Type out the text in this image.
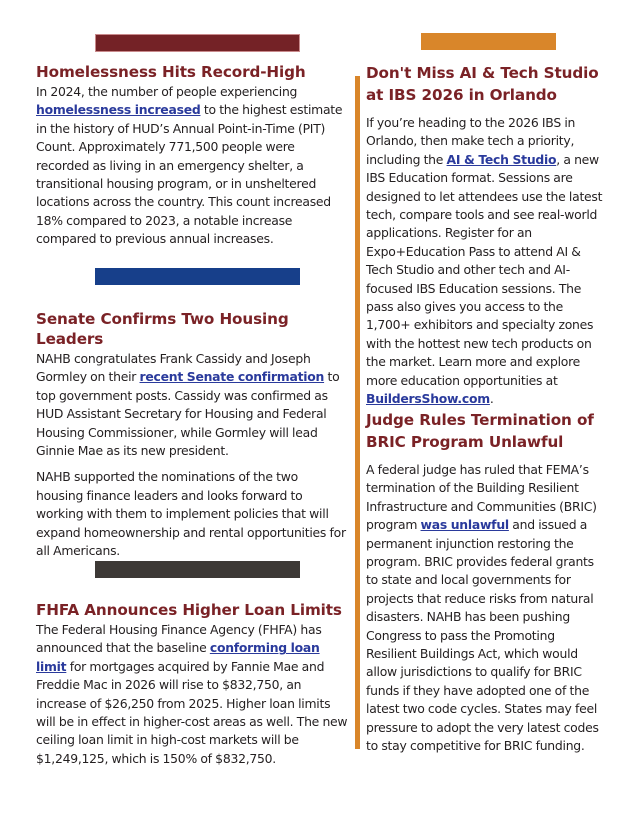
Homelessness Hits Record-High

In 2024, the number of people experiencing homelessness increased to the highest estimate in the history of HUD’s Annual Point-in-Time (PIT) Count. Approximately 771,500 people were recorded as living in an emergency shelter, a transitional housing program, or in unsheltered locations across the country. This count increased 18% compared to 2023, a notable increase compared to previous annual increases.

Senate Confirms Two Housing Leaders

NAHB congratulates Frank Cassidy and Joseph Gormley on their recent Senate confirmation to top government posts. Cassidy was confirmed as HUD Assistant Secretary for Housing and Federal Housing Commissioner, while Gormley will lead Ginnie Mae as its new president.

NAHB supported the nominations of the two housing finance leaders and looks forward to working with them to implement policies that will expand homeownership and rental opportunities for all Americans.

FHFA Announces Higher Loan Limits

The Federal Housing Finance Agency (FHFA) has announced that the baseline conforming loan limit for mortgages acquired by Fannie Mae and Freddie Mac in 2026 will rise to $832,750, an increase of $26,250 from 2025. Higher loan limits will be in effect in higher-cost areas as well. The new ceiling loan limit in high-cost markets will be $1,249,125, which is 150% of $832,750.

Don't Miss AI & Tech Studio at IBS 2026 in Orlando

If you’re heading to the 2026 IBS in Orlando, then make tech a priority, including the AI & Tech Studio, a new IBS Education format. Sessions are designed to let attendees use the latest tech, compare tools and see real-world applications. Register for an Expo+Education Pass to attend AI & Tech Studio and other tech and AI-focused IBS Education sessions. The pass also gives you access to the 1,700+ exhibitors and specialty zones with the hottest new tech products on the market. Learn more and explore more education opportunities at BuildersShow.com.

Judge Rules Termination of BRIC Program Unlawful

A federal judge has ruled that FEMA’s termination of the Building Resilient Infrastructure and Communities (BRIC) program was unlawful and issued a permanent injunction restoring the program. BRIC provides federal grants to state and local governments for projects that reduce risks from natural disasters. NAHB has been pushing Congress to pass the Promoting Resilient Buildings Act, which would allow jurisdictions to qualify for BRIC funds if they have adopted one of the latest two code cycles. States may feel pressure to adopt the very latest codes to stay competitive for BRIC funding.
